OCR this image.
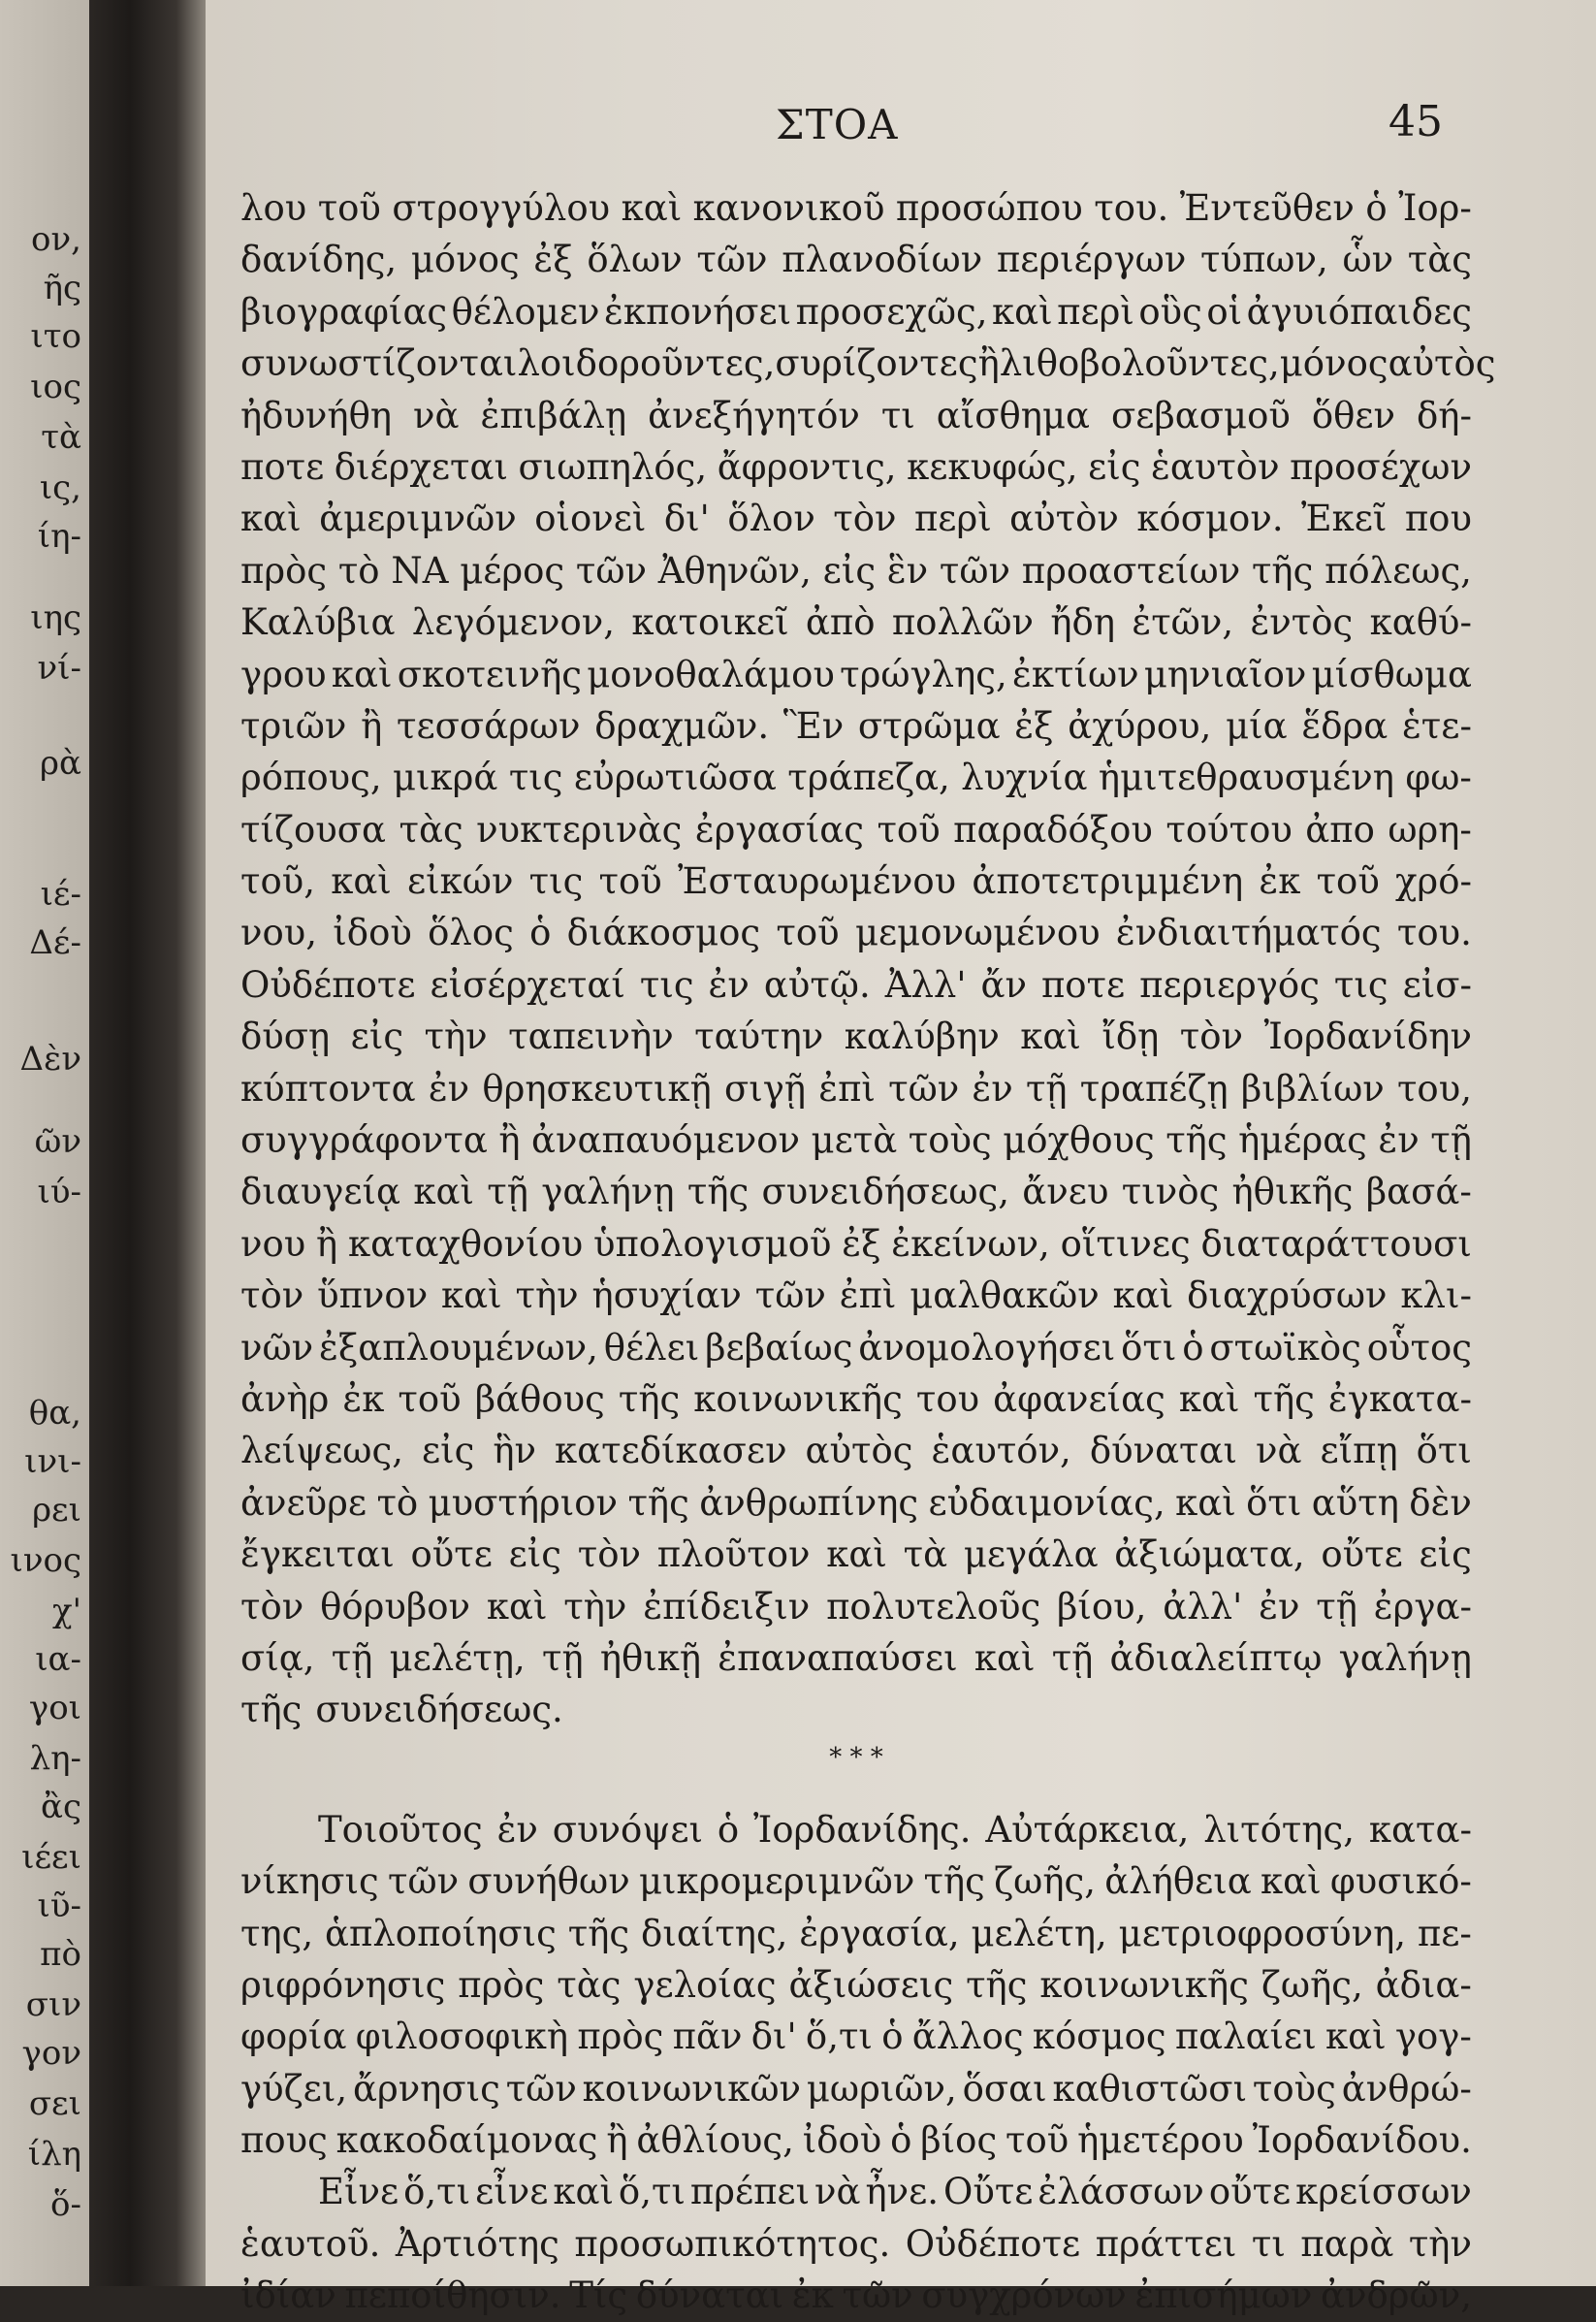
ον,
ῆς
ιτο
ιος
τὰ
ις,
ίη-
ιης
νί-
ρὰ
ιέ-
Δέ-
Δὲν
ῶν
ιύ-
θα,
ινι-
ρει
ινος
χ'
ια-
γοι
λη-
ἂς
ιέει
ιῦ-
πὸ
σιν
γον
σει
ίλη
ὅ-
ΣΤΟΑ	45
λου τοῦ στρογγύλου καὶ κανονικοῦ προσώπου του. Ἐντεῦθεν ὁ Ἰορ-
δανίδης, μόνος ἐξ ὅλων τῶν πλανοδίων περιέργων τύπων, ὧν τὰς
βιογραφίας θέλομεν ἐκπονήσει προσεχῶς, καὶ περὶ οὓς οἱ ἀγυιόπαιδες
συνωστίζονται λοιδοροῦντες, συρίζοντες ἢ λιθοβολοῦντες, μόνος αὐτὸς
ἠδυνήθη νὰ ἐπιβάλῃ ἀνεξήγητόν τι αἴσθημα σεβασμοῦ ὅθεν δή-
ποτε διέρχεται σιωπηλός, ἄφροντις, κεκυφώς, εἰς ἑαυτὸν προσέχων
καὶ ἀμεριμνῶν οἱονεὶ δι' ὅλον τὸν περὶ αὐτὸν κόσμον. Ἐκεῖ που
πρὸς τὸ ΝΑ μέρος τῶν Ἀθηνῶν, εἰς ἓν τῶν προαστείων τῆς πόλεως,
Καλύβια λεγόμενον, κατοικεῖ ἀπὸ πολλῶν ἤδη ἐτῶν, ἐντὸς καθύ-
γρου καὶ σκοτεινῆς μονοθαλάμου τρώγλης, ἐκτίων μηνιαῖον μίσθωμα
τριῶν ἢ τεσσάρων δραχμῶν. Ἓν στρῶμα ἐξ ἀχύρου, μία ἕδρα ἑτε-
ρόπους, μικρά τις εὐρωτιῶσα τράπεζα, λυχνία ἡμιτεθραυσμένη φω-
τίζουσα τὰς νυκτερινὰς ἐργασίας τοῦ παραδόξου τούτου ἀπο ωρη-
τοῦ, καὶ εἰκών τις τοῦ Ἐσταυρωμένου ἀποτετριμμένη ἐκ τοῦ χρό-
νου, ἰδοὺ ὅλος ὁ διάκοσμος τοῦ μεμονωμένου ἐνδιαιτήματός του.
Οὐδέποτε εἰσέρχεταί τις ἐν αὐτῷ. Ἀλλ' ἄν ποτε περιεργός τις εἰσ-
δύσῃ εἰς τὴν ταπεινὴν ταύτην καλύβην καὶ ἴδῃ τὸν Ἰορδανίδην
κύπτοντα ἐν θρησκευτικῇ σιγῇ ἐπὶ τῶν ἐν τῇ τραπέζῃ βιβλίων του,
συγγράφοντα ἢ ἀναπαυόμενον μετὰ τοὺς μόχθους τῆς ἡμέρας ἐν τῇ
διαυγείᾳ καὶ τῇ γαλήνῃ τῆς συνειδήσεως, ἄνευ τινὸς ἠθικῆς βασά-
νου ἢ καταχθονίου ὑπολογισμοῦ ἐξ ἐκείνων, οἵτινες διαταράττουσι
τὸν ὕπνον καὶ τὴν ἡσυχίαν τῶν ἐπὶ μαλθακῶν καὶ διαχρύσων κλι-
νῶν ἐξαπλουμένων, θέλει βεβαίως ἀνομολογήσει ὅτι ὁ στωϊκὸς οὗτος
ἀνὴρ ἐκ τοῦ βάθους τῆς κοινωνικῆς του ἀφανείας καὶ τῆς ἐγκατα-
λείψεως, εἰς ἣν κατεδίκασεν αὐτὸς ἑαυτόν, δύναται νὰ εἴπῃ ὅτι
ἀνεῦρε τὸ μυστήριον τῆς ἀνθρωπίνης εὐδαιμονίας, καὶ ὅτι αὕτη δὲν
ἔγκειται οὔτε εἰς τὸν πλοῦτον καὶ τὰ μεγάλα ἀξιώματα, οὔτε εἰς
τὸν θόρυβον καὶ τὴν ἐπίδειξιν πολυτελοῦς βίου, ἀλλ' ἐν τῇ ἐργα-
σίᾳ, τῇ μελέτῃ, τῇ ἠθικῇ ἐπαναπαύσει καὶ τῇ ἀδιαλείπτῳ γαλήνῃ
τῆς συνειδήσεως.
* * *
Τοιοῦτος ἐν συνόψει ὁ Ἰορδανίδης. Αὐτάρκεια, λιτότης, κατα-
νίκησις τῶν συνήθων μικρομεριμνῶν τῆς ζωῆς, ἀλήθεια καὶ φυσικό-
της, ἁπλοποίησις τῆς διαίτης, ἐργασία, μελέτη, μετριοφροσύνη, πε-
ριφρόνησις πρὸς τὰς γελοίας ἀξιώσεις τῆς κοινωνικῆς ζωῆς, ἀδια-
φορία φιλοσοφικὴ πρὸς πᾶν δι' ὅ,τι ὁ ἄλλος κόσμος παλαίει καὶ γογ-
γύζει, ἄρνησις τῶν κοινωνικῶν μωριῶν, ὅσαι καθιστῶσι τοὺς ἀνθρώ-
πους κακοδαίμονας ἢ ἀθλίους, ἰδοὺ ὁ βίος τοῦ ἡμετέρου Ἰορδανίδου.
Εἶνε ὅ,τι εἶνε καὶ ὅ,τι πρέπει νὰ ἦνε. Οὔτε ἐλάσσων οὔτε κρείσσων
ἑαυτοῦ. Ἀρτιότης προσωπικότητος. Οὐδέποτε πράττει τι παρὰ τὴν
ἰδίαν πεποίθησιν. Τίς δύναται ἐκ τῶν συγχρόνων ἐπισήμων ἀνδρῶν,
